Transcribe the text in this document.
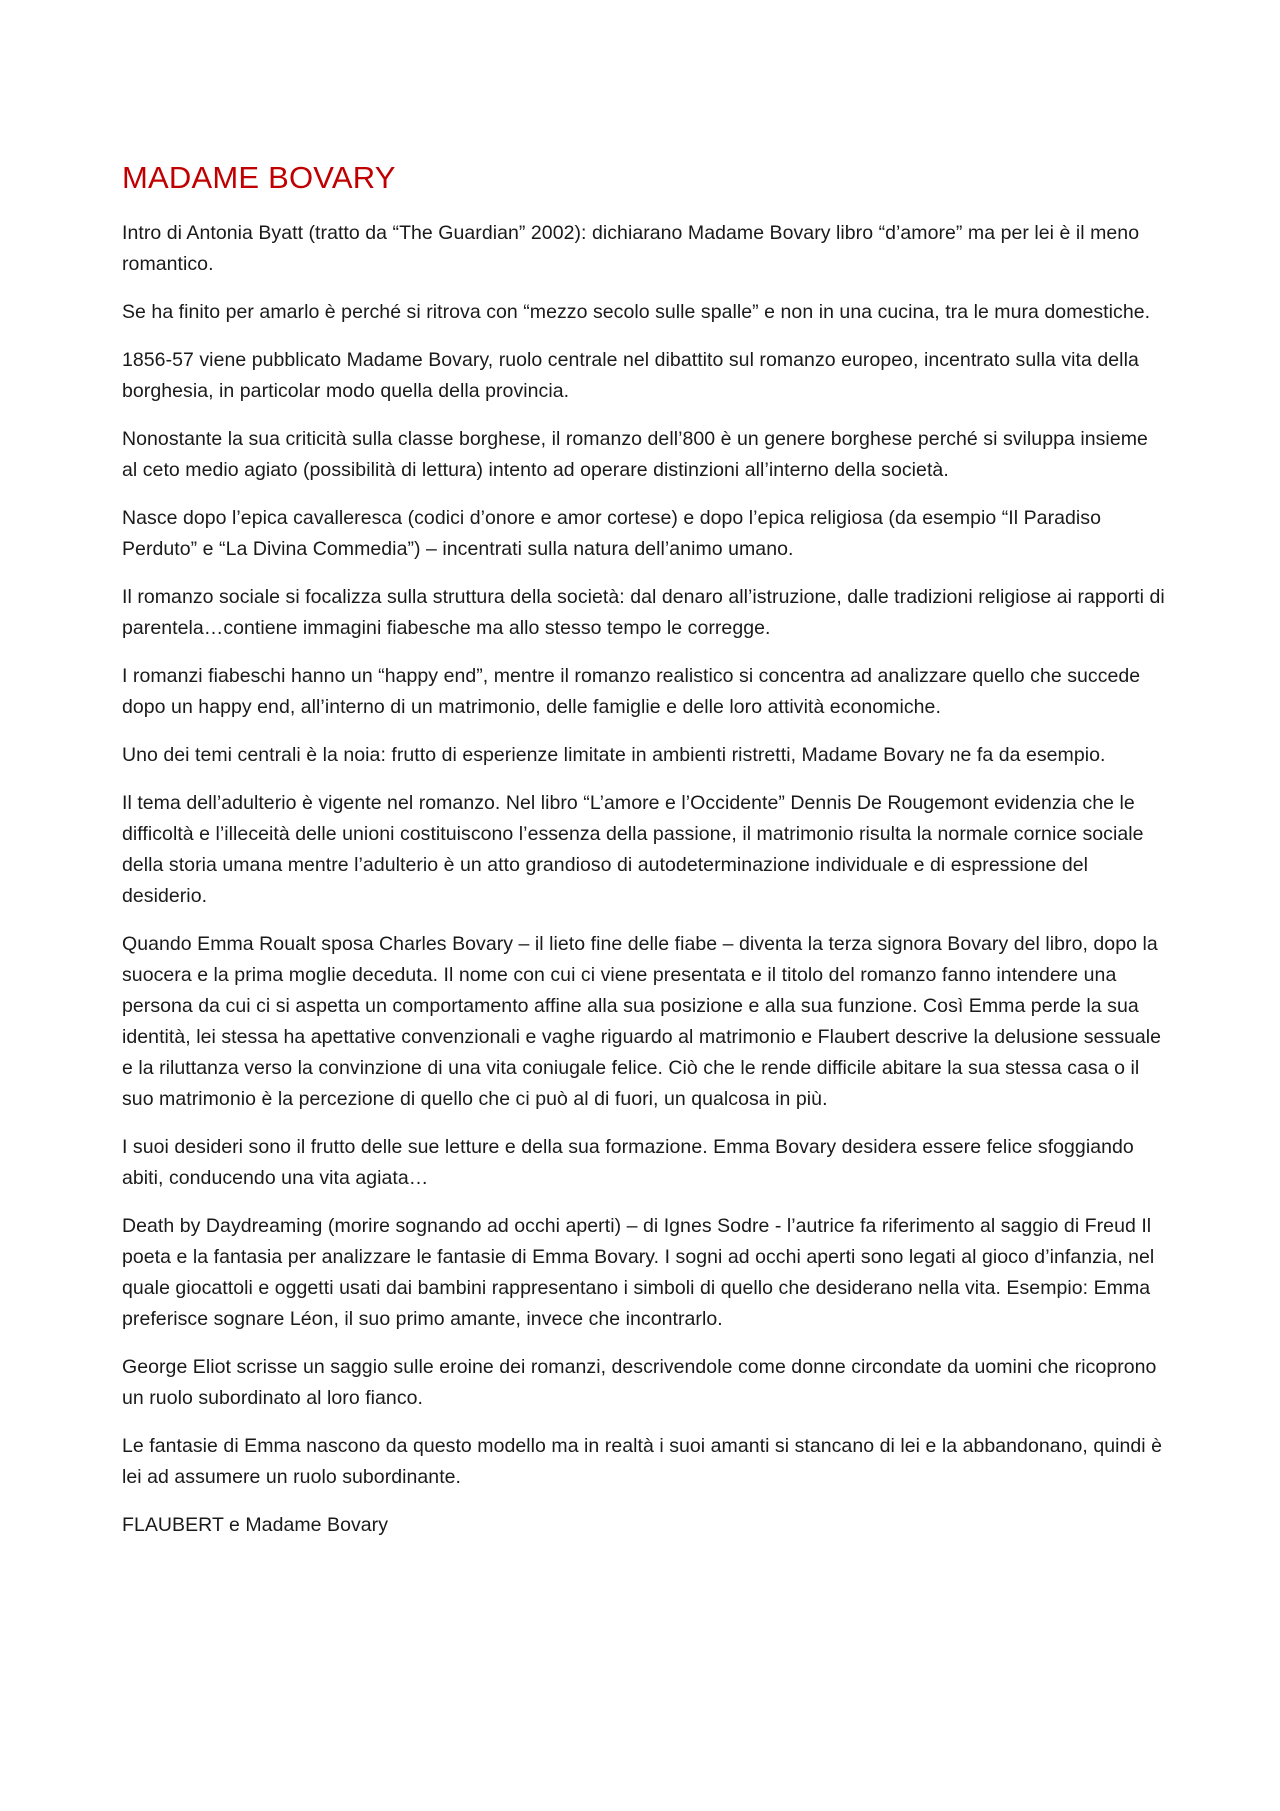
MADAME BOVARY

Intro di Antonia Byatt (tratto da “The Guardian” 2002): dichiarano Madame Bovary libro “d’amore” ma per lei è il meno romantico.

Se ha finito per amarlo è perché si ritrova con “mezzo secolo sulle spalle” e non in una cucina, tra le mura domestiche.

1856-57 viene pubblicato Madame Bovary, ruolo centrale nel dibattito sul romanzo europeo, incentrato sulla vita della borghesia, in particolar modo quella della provincia.

Nonostante la sua criticità sulla classe borghese, il romanzo dell’800 è un genere borghese perché si sviluppa insieme al ceto medio agiato (possibilità di lettura) intento ad operare distinzioni all’interno della società.

Nasce dopo l’epica cavalleresca (codici d’onore e amor cortese) e dopo l’epica religiosa (da esempio “Il Paradiso Perduto” e “La Divina Commedia”) – incentrati sulla natura dell’animo umano.

Il romanzo sociale si focalizza sulla struttura della società: dal denaro all’istruzione, dalle tradizioni religiose ai rapporti di parentela…contiene immagini fiabesche ma allo stesso tempo le corregge.

I romanzi fiabeschi hanno un “happy end”, mentre il romanzo realistico si concentra ad analizzare quello che succede dopo un happy end, all’interno di un matrimonio, delle famiglie e delle loro attività economiche.

Uno dei temi centrali è la noia: frutto di esperienze limitate in ambienti ristretti, Madame Bovary ne fa da esempio.

Il tema dell’adulterio è vigente nel romanzo. Nel libro “L’amore e l’Occidente” Dennis De Rougemont evidenzia che le difficoltà e l’illeceità delle unioni costituiscono l’essenza della passione, il matrimonio risulta la normale cornice sociale della storia umana mentre l’adulterio è un atto grandioso di autodeterminazione individuale e di espressione del desiderio.

Quando Emma Roualt sposa Charles Bovary – il lieto fine delle fiabe – diventa la terza signora Bovary del libro, dopo la suocera e la prima moglie deceduta. Il nome con cui ci viene presentata e il titolo del romanzo fanno intendere una persona da cui ci si aspetta un comportamento affine alla sua posizione e alla sua funzione. Così Emma perde la sua identità, lei stessa ha apettative convenzionali e vaghe riguardo al matrimonio e Flaubert descrive la delusione sessuale e la riluttanza verso la convinzione di una vita coniugale felice. Ciò che le rende difficile abitare la sua stessa casa o il suo matrimonio è la percezione di quello che ci può al di fuori, un qualcosa in più.

I suoi desideri sono il frutto delle sue letture e della sua formazione. Emma Bovary desidera essere felice sfoggiando abiti, conducendo una vita agiata…

Death by Daydreaming (morire sognando ad occhi aperti) – di Ignes Sodre - l’autrice fa riferimento al saggio di Freud Il poeta e la fantasia per analizzare le fantasie di Emma Bovary. I sogni ad occhi aperti sono legati al gioco d’infanzia, nel quale giocattoli e oggetti usati dai bambini rappresentano i simboli di quello che desiderano nella vita. Esempio: Emma preferisce sognare Léon, il suo primo amante, invece che incontrarlo.

George Eliot scrisse un saggio sulle eroine dei romanzi, descrivendole come donne circondate da uomini che ricoprono un ruolo subordinato al loro fianco.

Le fantasie di Emma nascono da questo modello ma in realtà i suoi amanti si stancano di lei e la abbandonano, quindi è lei ad assumere un ruolo subordinante.

FLAUBERT e Madame Bovary
